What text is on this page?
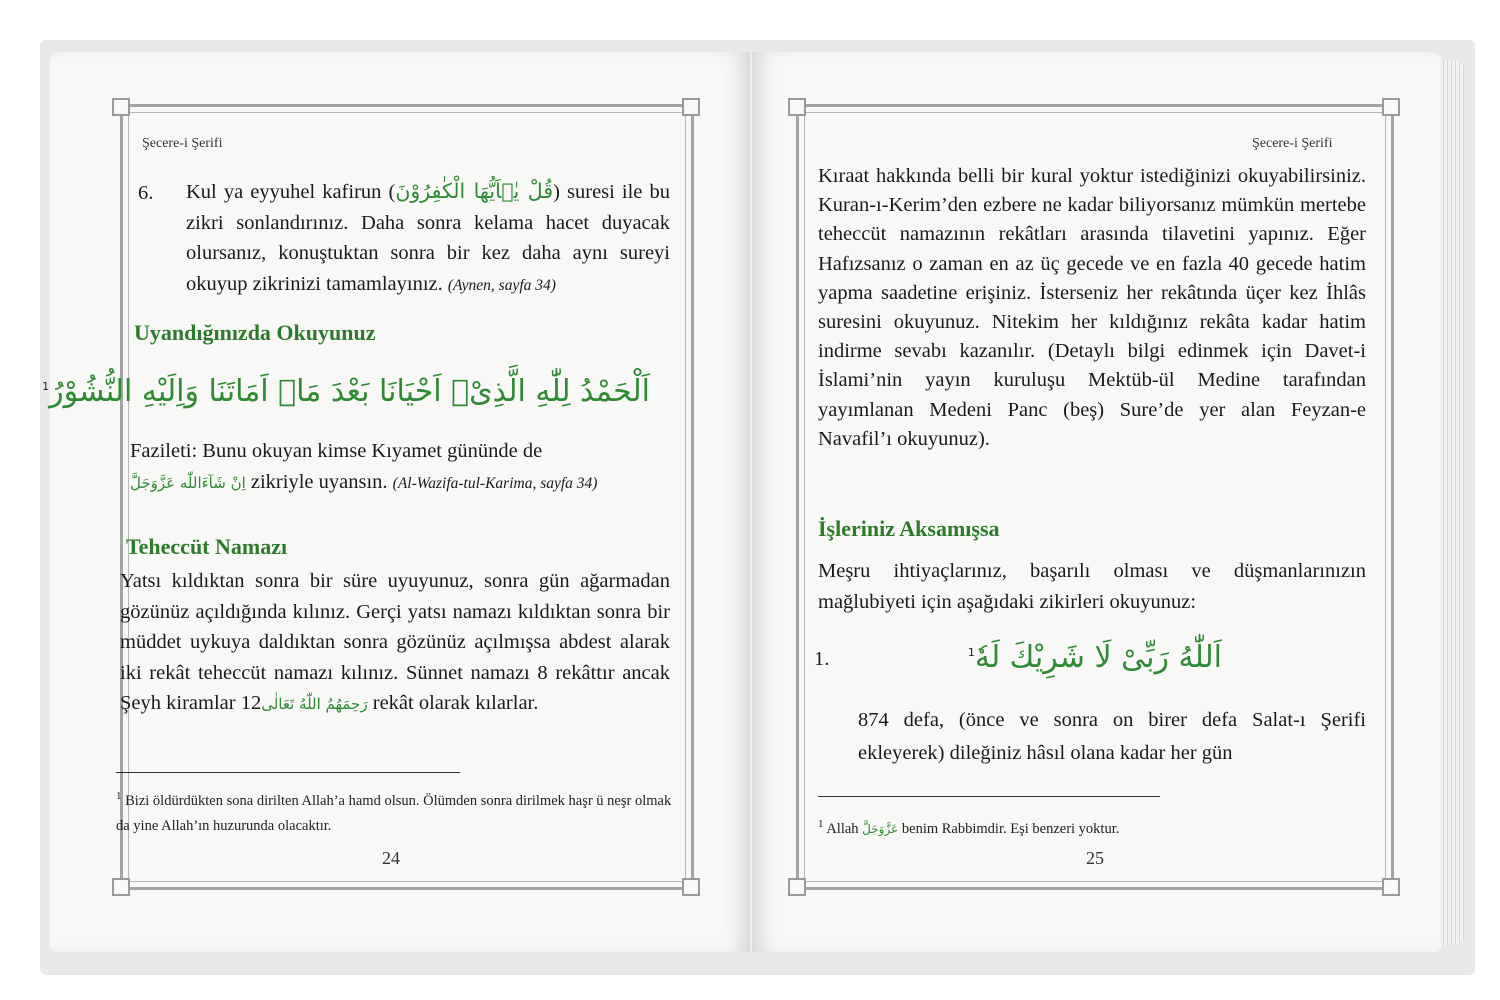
Şecere-i Şerifi
6. Kul ya eyyuhel kafirun (قُلْ يٰۤاَيُّهَا الْكٰفِرُوْنَ) suresi ile bu zikri sonlandırınız. Daha sonra kelama hacet duyacak olursanız, konuştuktan sonra bir kez daha aynı sureyi okuyup zikrinizi tamamlayınız. (Aynen, sayfa 34)
Uyandığınızda Okuyunuz
اَلْحَمْدُ لِلّٰهِ الَّذِیْۤ اَحْیَانَا بَعْدَ مَاۤ اَمَاتَنَا وَاِلَیْهِ النُّشُوْرُ$^1$
Fazileti: Bunu okuyan kimse Kıyamet gününde de
اِنْ شَآءَاللّٰه عَزَّوَجَلَّ zikriyle uyansın. (Al-Wazifa-tul-Karima, sayfa 34)
Teheccüt Namazı
Yatsı kıldıktan sonra bir süre uyuyunuz, sonra gün ağarmadan gözünüz açıldığında kılınız. Gerçi yatsı namazı kıldıktan sonra bir müddet uykuya daldıktan sonra gözünüz açılmışsa abdest alarak iki rekât teheccüt namazı kılınız. Sünnet namazı 8 rekâttır ancak Şeyh kiramlar رَحِمَهُمُ اللّٰهُ تَعَالٰی12 rekât olarak kılarlar.
$^1$ Bizi öldürdükten sona dirilten Allah’a hamd olsun. Ölümden sonra dirilmek haşr ü neşr olmak da yine Allah’ın huzurunda olacaktır.
24
Şecere-i Şerifi
Kıraat hakkında belli bir kural yoktur istediğinizi okuyabilirsiniz. Kuran-ı-Kerim’den ezbere ne kadar biliyorsanız mümkün mertebe teheccüt namazının rekâtları arasında tilavetini yapınız. Eğer Hafızsanız o zaman en az üç gecede ve en fazla 40 gecede hatim yapma saadetine erişiniz. İsterseniz her rekâtında üçer kez İhlâs suresini okuyunuz. Nitekim her kıldığınız rekâta kadar hatim indirme sevabı kazanılır. (Detaylı bilgi edinmek için Davet-i İslami’nin yayın kuruluşu Mektüb-ül Medine tarafından yayımlanan Medeni Panc (beş) Sure’de yer alan Feyzan-e Navafil’ı okuyunuz).
İşleriniz Aksamışsa
Meşru ihtiyaçlarınız, başarılı olması ve düşmanlarınızın mağlubiyeti için aşağıdaki zikirleri okuyunuz:
1.	اَللّٰهُ رَبِّیْ لَا شَرِیْكَ لَهٗ$^1$
874 defa, (önce ve sonra on birer defa Salat-ı Şerifi ekleyerek) dileğiniz hâsıl olana kadar her gün
$^1$ Allah عَزَّوَجَلَّ benim Rabbimdir. Eşi benzeri yoktur.
25
